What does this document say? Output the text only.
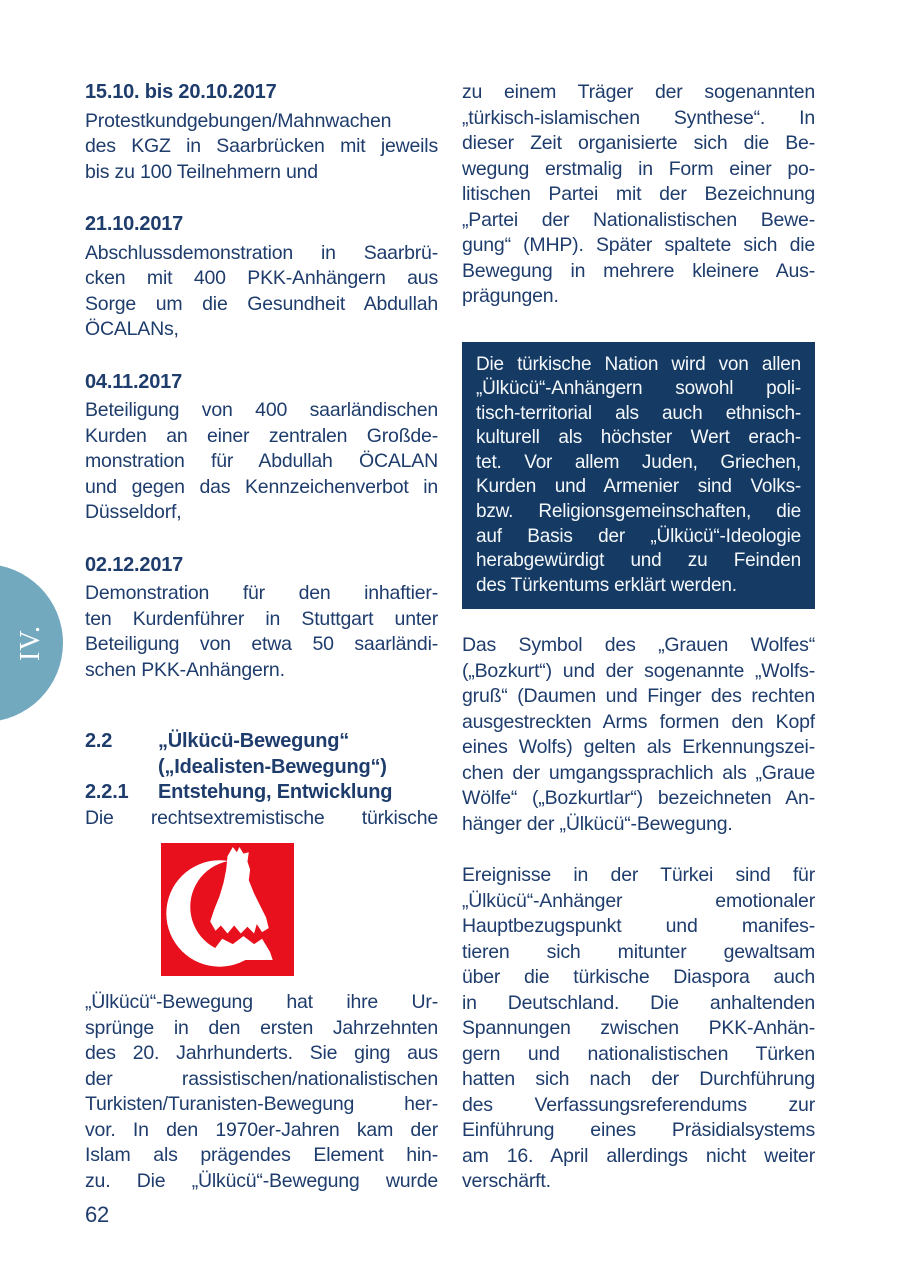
IV.
15.10. bis 20.10.2017
Protestkundgebungen/Mahnwachen
des KGZ in Saarbrücken mit jeweils
bis zu 100 Teilnehmern und
21.10.2017
Abschlussdemonstration in Saarbrü-
cken mit 400 PKK-Anhängern aus
Sorge um die Gesundheit Abdullah
ÖCALANs,
04.11.2017
Beteiligung von 400 saarländischen
Kurden an einer zentralen Großde-
monstration für Abdullah ÖCALAN
und gegen das Kennzeichenverbot in
Düsseldorf,
02.12.2017
Demonstration für den inhaftier-
ten Kurdenführer in Stuttgart unter
Beteiligung von etwa 50 saarländi-
schen PKK-Anhängern.
2.2	„Ülkücü-Bewegung“
(„Idealisten-Bewegung“)
2.2.1	Entstehung, Entwicklung
Die rechtsextremistische türkische
„Ülkücü“-Bewegung hat ihre Ur-
sprünge in den ersten Jahrzehnten
des 20. Jahrhunderts. Sie ging aus
der rassistischen/nationalistischen
Turkisten/Turanisten-Bewegung her-
vor. In den 1970er-Jahren kam der
Islam als prägendes Element hin-
zu. Die „Ülkücü“-Bewegung wurde
zu einem Träger der sogenannten
„türkisch-islamischen Synthese“. In
dieser Zeit organisierte sich die Be-
wegung erstmalig in Form einer po-
litischen Partei mit der Bezeichnung
„Partei der Nationalistischen Bewe-
gung“ (MHP). Später spaltete sich die
Bewegung in mehrere kleinere Aus-
prägungen.
Die türkische Nation wird von allen
„Ülkücü“-Anhängern sowohl poli-
tisch-territorial als auch ethnisch-
kulturell als höchster Wert erach-
tet. Vor allem Juden, Griechen,
Kurden und Armenier sind Volks-
bzw. Religionsgemeinschaften, die
auf Basis der „Ülkücü“-Ideologie
herabgewürdigt und zu Feinden
des Türkentums erklärt werden.
Das Symbol des „Grauen Wolfes“
(„Bozkurt“) und der sogenannte „Wolfs-
gruß“ (Daumen und Finger des rechten
ausgestreckten Arms formen den Kopf
eines Wolfs) gelten als Erkennungszei-
chen der umgangssprachlich als „Graue
Wölfe“ („Bozkurtlar“) bezeichneten An-
hänger der „Ülkücü“-Bewegung.
Ereignisse in der Türkei sind für
„Ülkücü“-Anhänger emotionaler
Hauptbezugspunkt und manifes-
tieren sich mitunter gewaltsam
über die türkische Diaspora auch
in Deutschland. Die anhaltenden
Spannungen zwischen PKK-Anhän-
gern und nationalistischen Türken
hatten sich nach der Durchführung
des Verfassungsreferendums zur
Einführung eines Präsidialsystems
am 16. April allerdings nicht weiter
verschärft.
62
